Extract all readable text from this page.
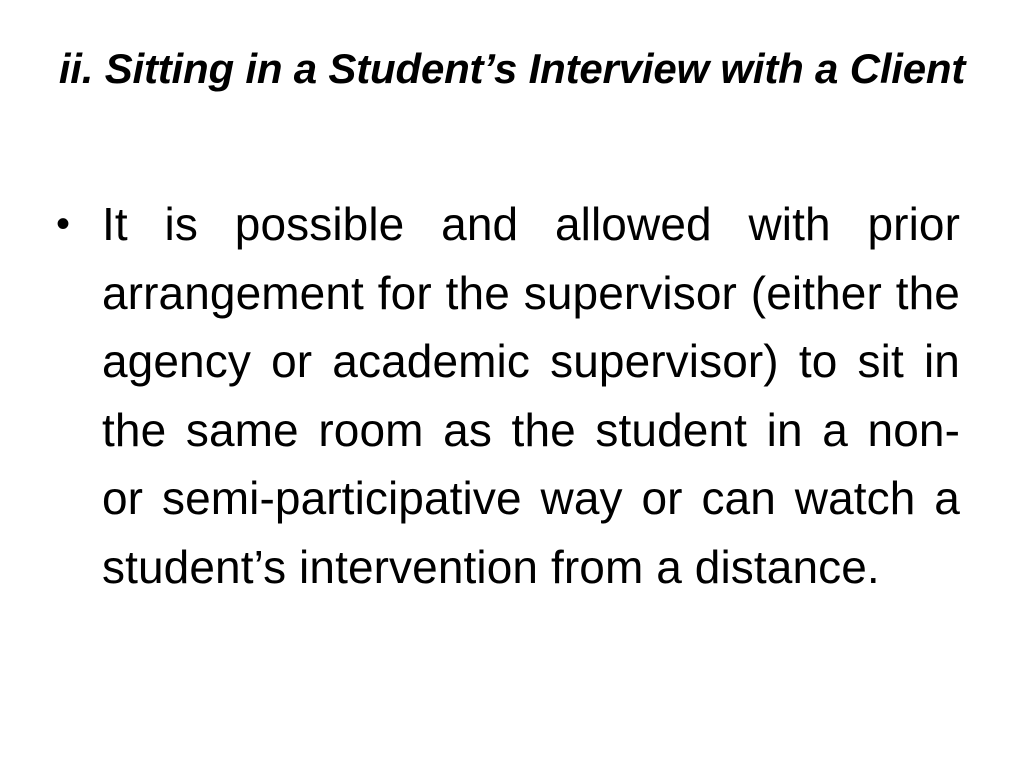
ii. Sitting in a Student’s Interview with a Client
• It is possible and allowed with prior arrangement for the supervisor (either the agency or academic supervisor) to sit in the same room as the student in a non- or semi-participative way or can watch a student’s intervention from a distance.
